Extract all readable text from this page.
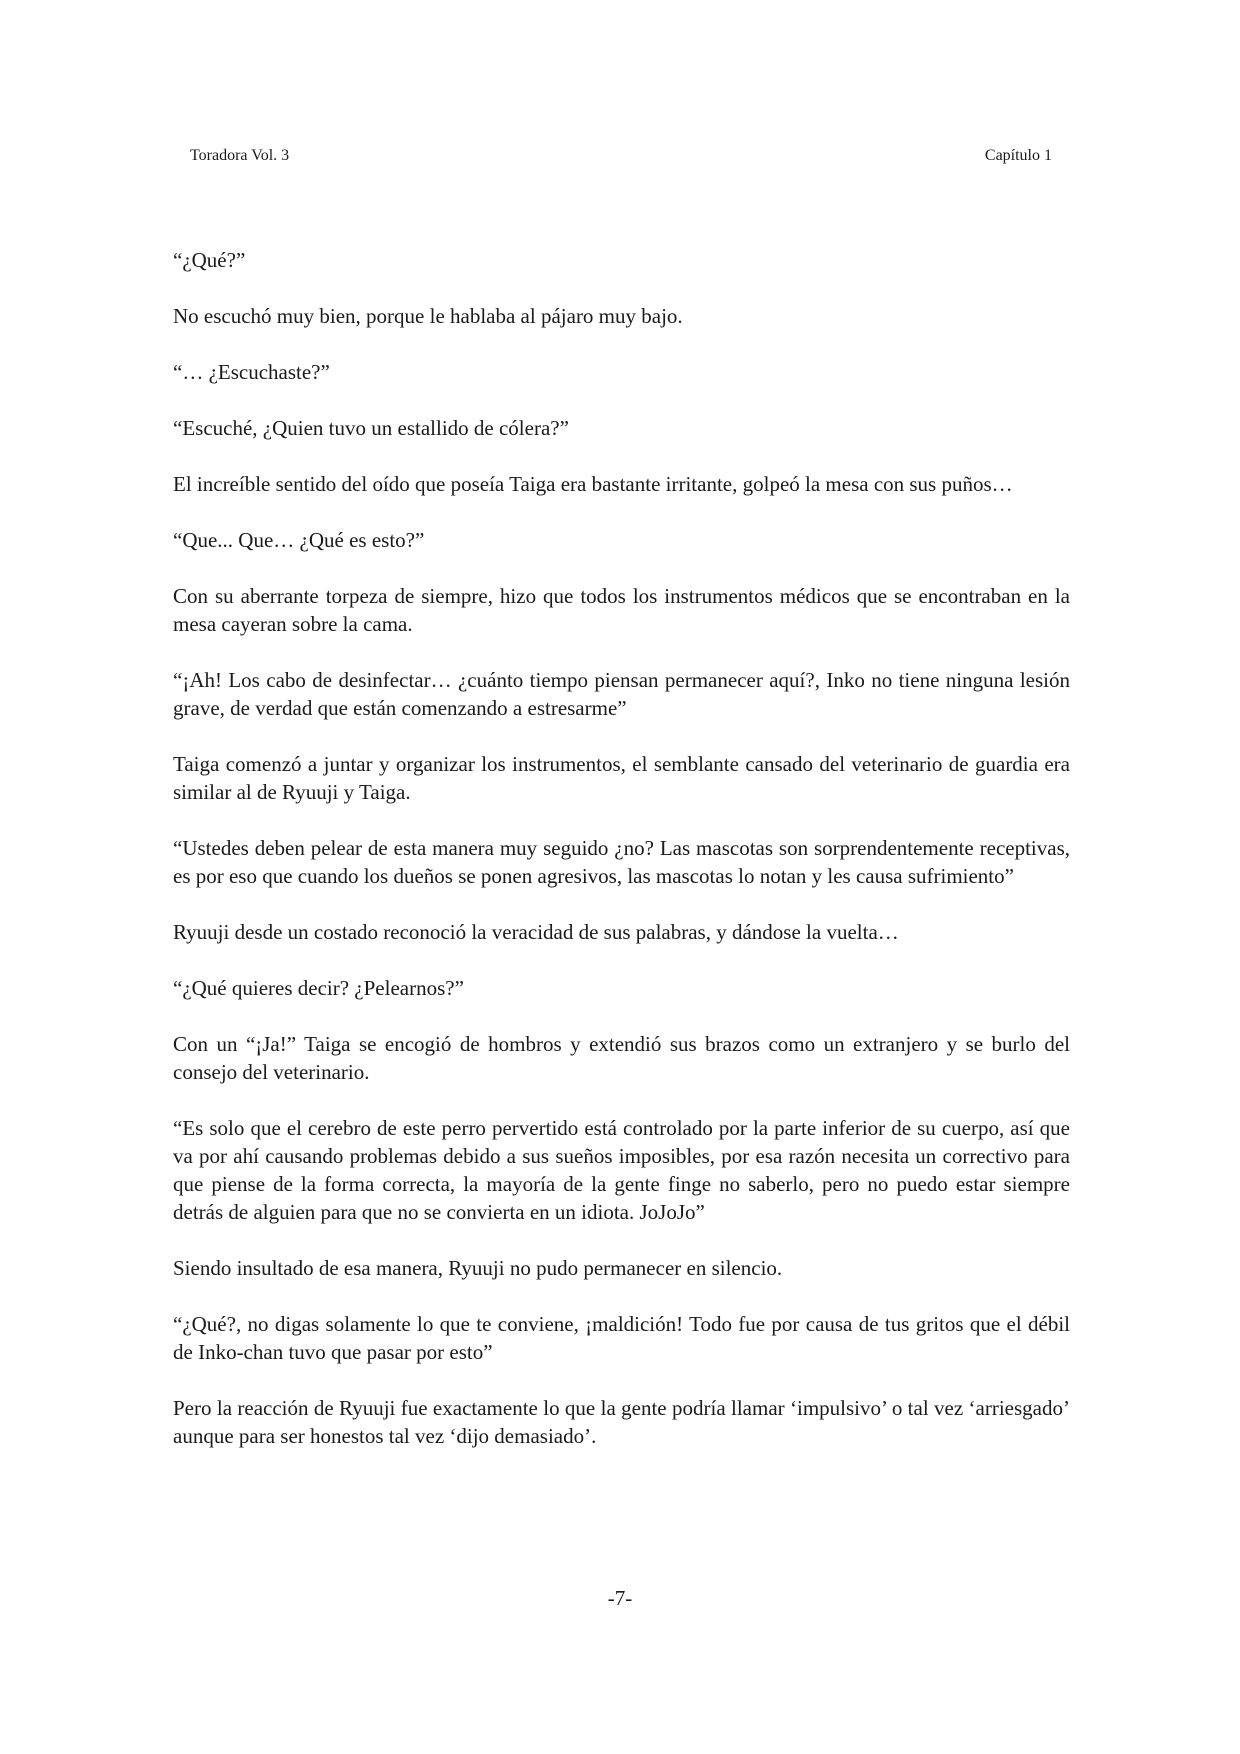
Toradora Vol. 3	Capítulo 1

“¿Qué?”

No escuchó muy bien, porque le hablaba al pájaro muy bajo.

“… ¿Escuchaste?”

“Escuché, ¿Quien tuvo un estallido de cólera?”

El increíble sentido del oído que poseía Taiga era bastante irritante, golpeó la mesa con sus puños…

“Que... Que… ¿Qué es esto?”

Con su aberrante torpeza de siempre, hizo que todos los instrumentos médicos que se encontraban en la mesa cayeran sobre la cama.

“¡Ah! Los cabo de desinfectar… ¿cuánto tiempo piensan permanecer aquí?, Inko no tiene ninguna lesión grave, de verdad que están comenzando a estresarme”

Taiga comenzó a juntar y organizar los instrumentos, el semblante cansado del veterinario de guardia era similar al de Ryuuji y Taiga.

“Ustedes deben pelear de esta manera muy seguido ¿no? Las mascotas son sorprendentemente receptivas, es por eso que cuando los dueños se ponen agresivos, las mascotas lo notan y les causa sufrimiento”

Ryuuji desde un costado reconoció la veracidad de sus palabras, y dándose la vuelta…

“¿Qué quieres decir? ¿Pelearnos?”

Con un “¡Ja!” Taiga se encogió de hombros y extendió sus brazos como un extranjero y se burlo del consejo del veterinario.

“Es solo que el cerebro de este perro pervertido está controlado por la parte inferior de su cuerpo, así que va por ahí causando problemas debido a sus sueños imposibles, por esa razón necesita un correctivo para que piense de la forma correcta, la mayoría de la gente finge no saberlo, pero no puedo estar siempre detrás de alguien para que no se convierta en un idiota. JoJoJo”

Siendo insultado de esa manera, Ryuuji no pudo permanecer en silencio.

“¿Qué?, no digas solamente lo que te conviene, ¡maldición! Todo fue por causa de tus gritos que el débil de Inko-chan tuvo que pasar por esto”

Pero la reacción de Ryuuji fue exactamente lo que la gente podría llamar ‘impulsivo’ o tal vez ‘arriesgado’ aunque para ser honestos tal vez ‘dijo demasiado’.

-7-
